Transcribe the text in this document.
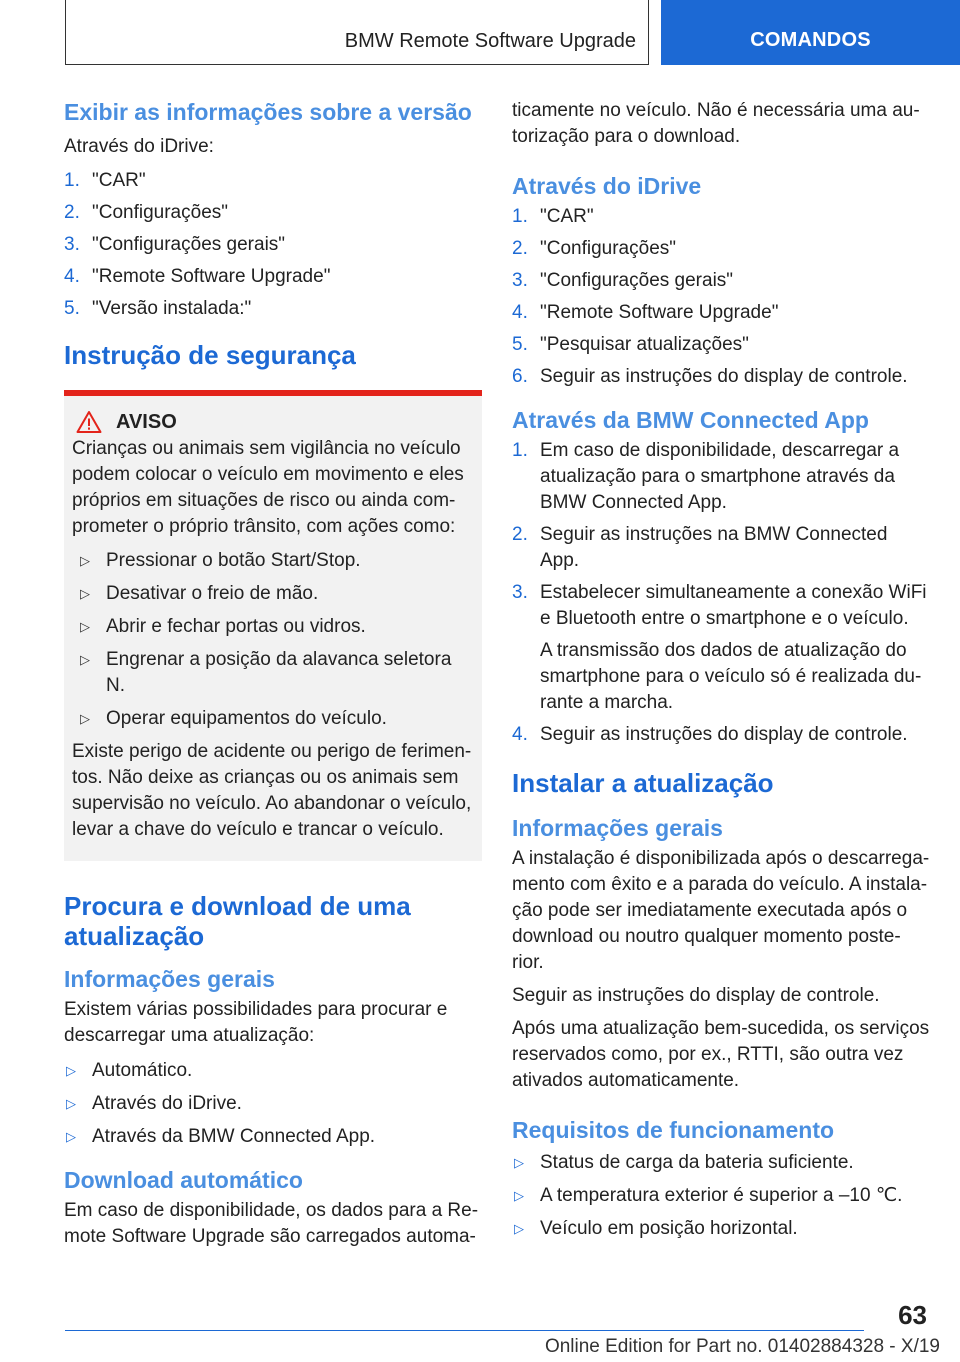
BMW Remote Software Upgrade	COMANDOS
Exibir as informações sobre a versão
Através do iDrive:
1. "CAR"
2. "Configurações"
3. "Configurações gerais"
4. "Remote Software Upgrade"
5. "Versão instalada:"
Instrução de segurança
AVISO
Crianças ou animais sem vigilância no veículo podem colocar o veículo em movimento e eles próprios em situações de risco ou ainda com-prometer o próprio trânsito, com ações como:
▷ Pressionar o botão Start/Stop.
▷ Desativar o freio de mão.
▷ Abrir e fechar portas ou vidros.
▷ Engrenar a posição da alavanca seletora N.
▷ Operar equipamentos do veículo.
Existe perigo de acidente ou perigo de ferimen-tos. Não deixe as crianças ou os animais sem supervisão no veículo. Ao abandonar o veículo, levar a chave do veículo e trancar o veículo.
Procura e download de uma atualização
Informações gerais
Existem várias possibilidades para procurar e descarregar uma atualização:
▷ Automático.
▷ Através do iDrive.
▷ Através da BMW Connected App.
Download automático
Em caso de disponibilidade, os dados para a Re-mote Software Upgrade são carregados automa-
ticamente no veículo. Não é necessária uma au-torização para o download.
Através do iDrive
1. "CAR"
2. "Configurações"
3. "Configurações gerais"
4. "Remote Software Upgrade"
5. "Pesquisar atualizações"
6. Seguir as instruções do display de controle.
Através da BMW Connected App
1. Em caso de disponibilidade, descarregar a atualização para o smartphone através da BMW Connected App.
2. Seguir as instruções na BMW Connected App.
3. Estabelecer simultaneamente a conexão WiFi e Bluetooth entre o smartphone e o veículo.
A transmissão dos dados de atualização do smartphone para o veículo só é realizada du-rante a marcha.
4. Seguir as instruções do display de controle.
Instalar a atualização
Informações gerais
A instalação é disponibilizada após o descarrega-mento com êxito e a parada do veículo. A instala-ção pode ser imediatamente executada após o download ou noutro qualquer momento poste-rior.
Seguir as instruções do display de controle.
Após uma atualização bem-sucedida, os serviços reservados como, por ex., RTTI, são outra vez ativados automaticamente.
Requisitos de funcionamento
▷ Status de carga da bateria suficiente.
▷ A temperatura exterior é superior a –10 ℃.
▷ Veículo em posição horizontal.
63
Online Edition for Part no. 01402884328 - X/19
